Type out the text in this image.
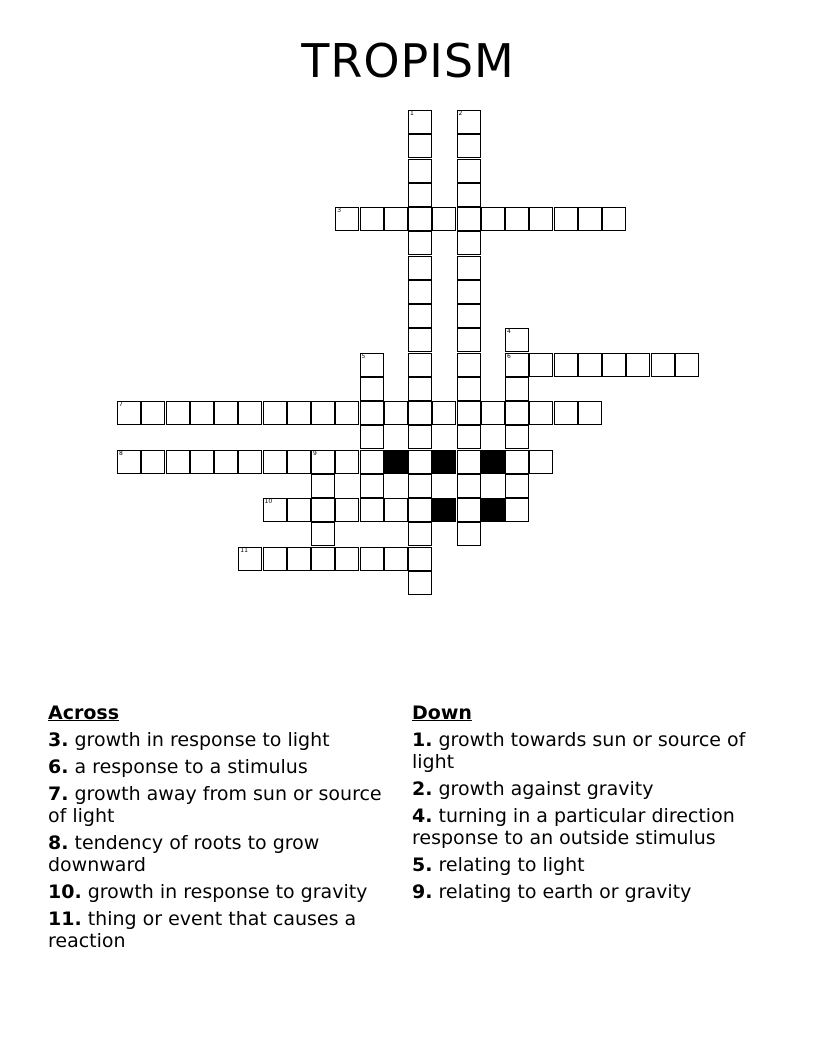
TROPISM
1	2
3
4
6
5
7
8	9
10
11
Across
3. growth in response to light
6. a response to a stimulus
7. growth away from sun or source of light
8. tendency of roots to grow downward
10. growth in response to gravity
11. thing or event that causes a reaction
Down
1. growth towards sun or source of light
2. growth against gravity
4. turning in a particular direction response to an outside stimulus
5. relating to light
9. relating to earth or gravity
